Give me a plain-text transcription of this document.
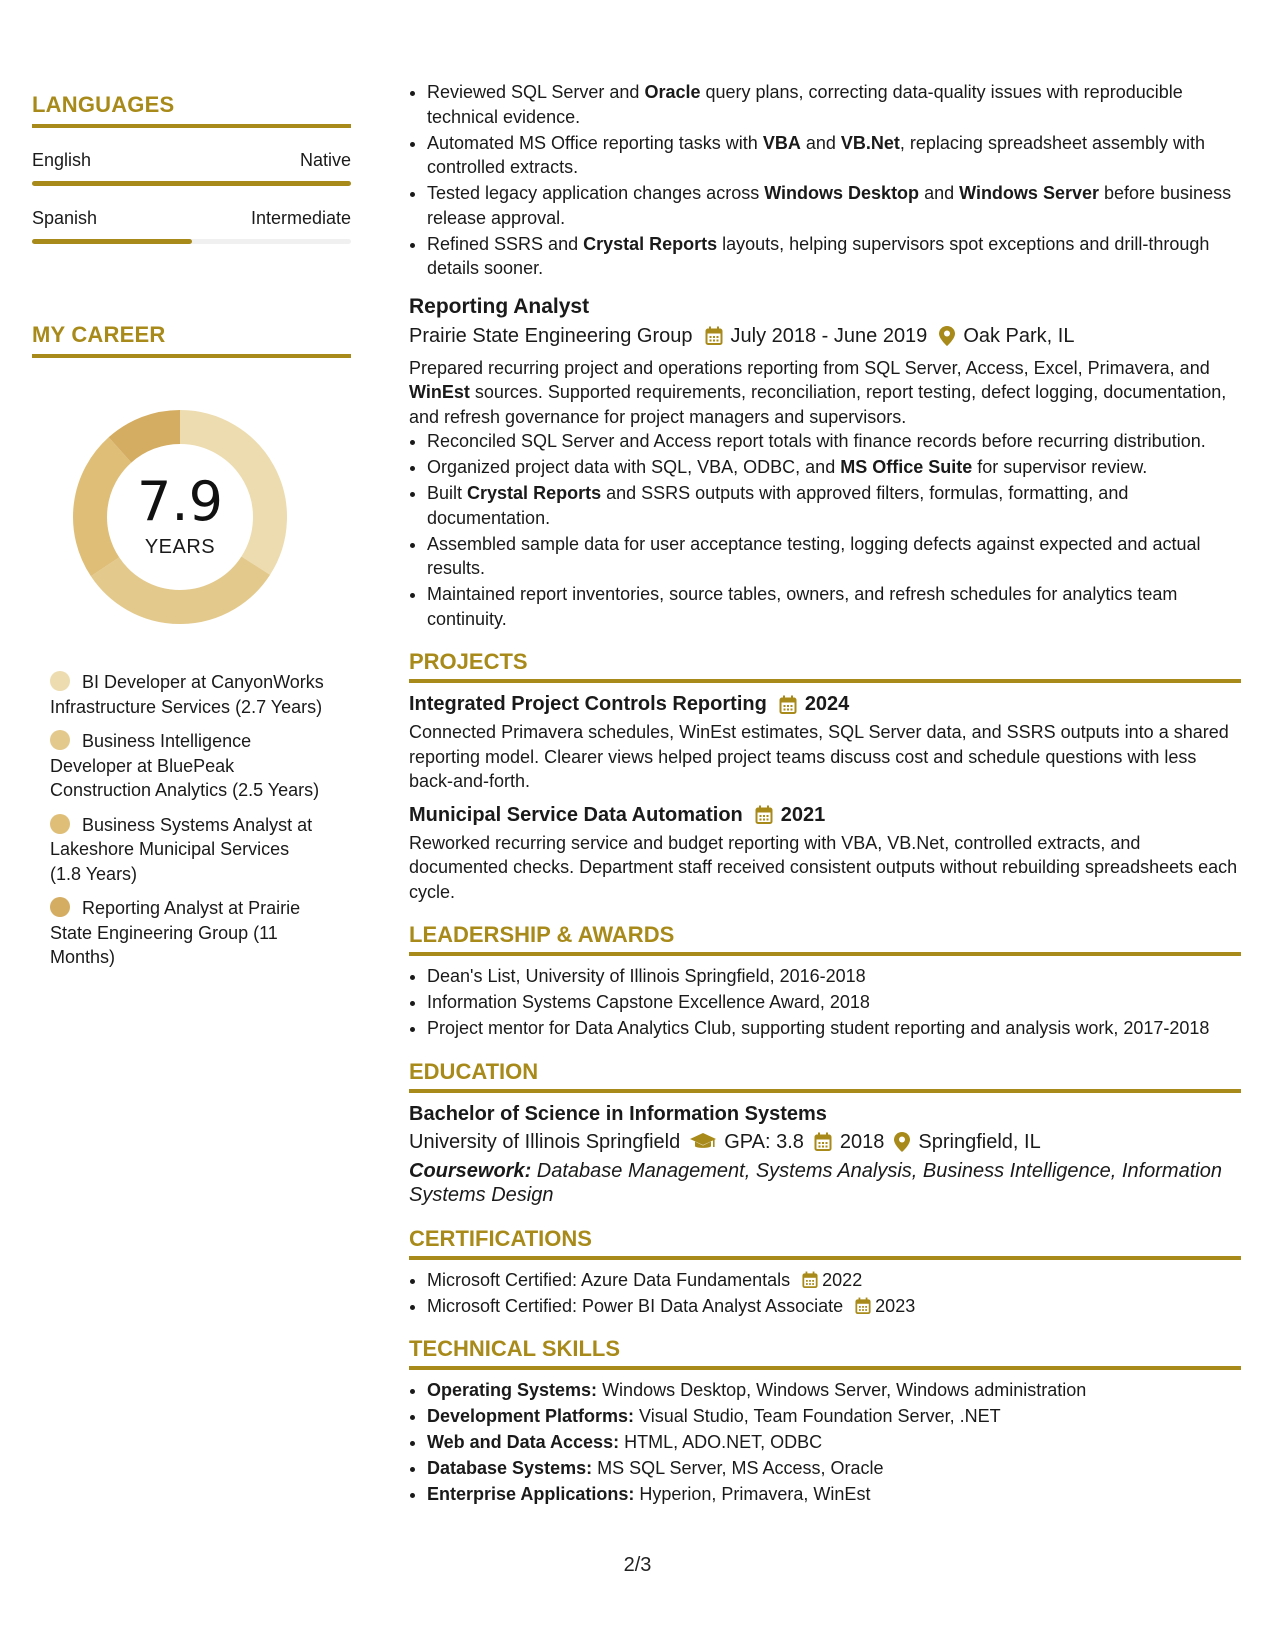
LANGUAGES
English	Native
Spanish	Intermediate
MY CAREER
7.9
YEARS
BI Developer at CanyonWorks Infrastructure Services (2.7 Years)
Business Intelligence Developer at BluePeak Construction Analytics (2.5 Years)
Business Systems Analyst at Lakeshore Municipal Services (1.8 Years)
Reporting Analyst at Prairie State Engineering Group (11 Months)
• Reviewed SQL Server and Oracle query plans, correcting data-quality issues with reproducible technical evidence.
• Automated MS Office reporting tasks with VBA and VB.Net, replacing spreadsheet assembly with controlled extracts.
• Tested legacy application changes across Windows Desktop and Windows Server before business release approval.
• Refined SSRS and Crystal Reports layouts, helping supervisors spot exceptions and drill-through details sooner.
Reporting Analyst
Prairie State Engineering Group July 2018 - June 2019 Oak Park, IL
Prepared recurring project and operations reporting from SQL Server, Access, Excel, Primavera, and WinEst sources. Supported requirements, reconciliation, report testing, defect logging, documentation, and refresh governance for project managers and supervisors.
• Reconciled SQL Server and Access report totals with finance records before recurring distribution.
• Organized project data with SQL, VBA, ODBC, and MS Office Suite for supervisor review.
• Built Crystal Reports and SSRS outputs with approved filters, formulas, formatting, and documentation.
• Assembled sample data for user acceptance testing, logging defects against expected and actual results.
• Maintained report inventories, source tables, owners, and refresh schedules for analytics team continuity.
PROJECTS
Integrated Project Controls Reporting 2024
Connected Primavera schedules, WinEst estimates, SQL Server data, and SSRS outputs into a shared reporting model. Clearer views helped project teams discuss cost and schedule questions with less back-and-forth.
Municipal Service Data Automation 2021
Reworked recurring service and budget reporting with VBA, VB.Net, controlled extracts, and documented checks. Department staff received consistent outputs without rebuilding spreadsheets each cycle.
LEADERSHIP & AWARDS
• Dean's List, University of Illinois Springfield, 2016-2018
• Information Systems Capstone Excellence Award, 2018
• Project mentor for Data Analytics Club, supporting student reporting and analysis work, 2017-2018
EDUCATION
Bachelor of Science in Information Systems
University of Illinois Springfield GPA: 3.8 2018 Springfield, IL
Coursework: Database Management, Systems Analysis, Business Intelligence, Information Systems Design
CERTIFICATIONS
• Microsoft Certified: Azure Data Fundamentals 2022
• Microsoft Certified: Power BI Data Analyst Associate 2023
TECHNICAL SKILLS
• Operating Systems: Windows Desktop, Windows Server, Windows administration
• Development Platforms: Visual Studio, Team Foundation Server, .NET
• Web and Data Access: HTML, ADO.NET, ODBC
• Database Systems: MS SQL Server, MS Access, Oracle
• Enterprise Applications: Hyperion, Primavera, WinEst
2/3
